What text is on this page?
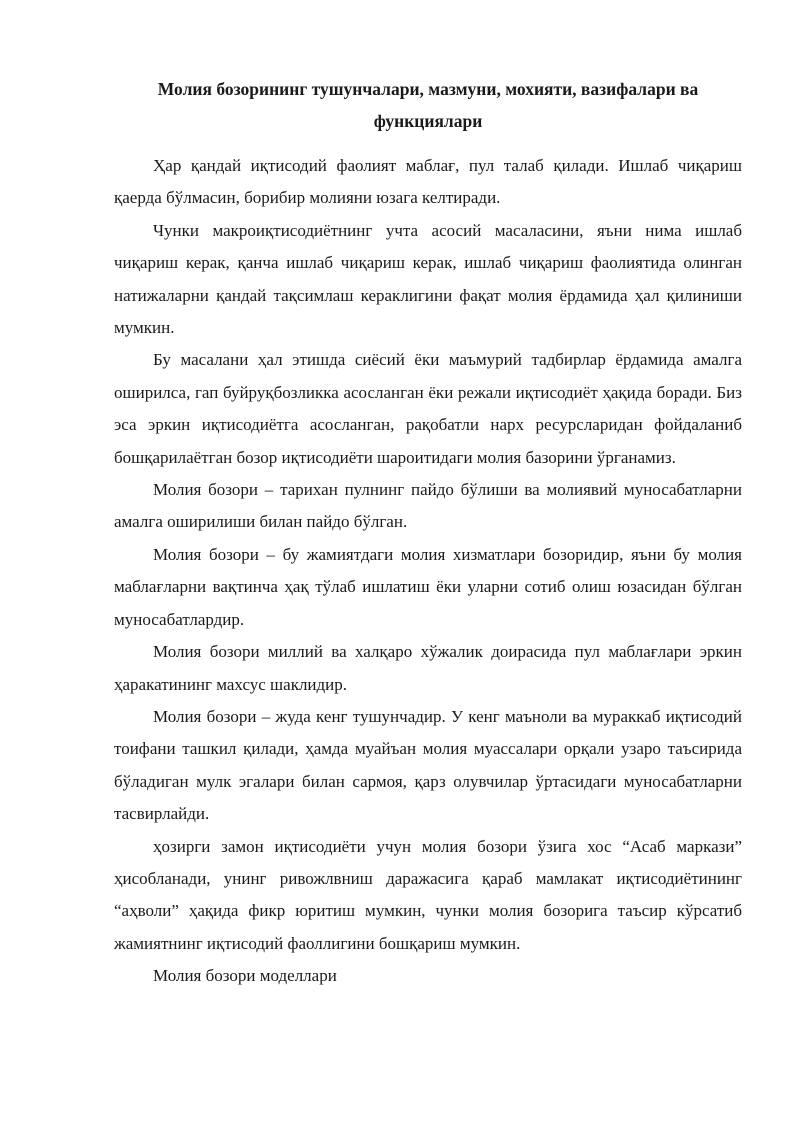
Молия бозорининг тушунчалари, мазмуни, мохияти, вазифалари ва функциялари

Ҳар қандай иқтисодий фаолият маблағ, пул талаб қилади. Ишлаб чиқариш қаерда бўлмасин, борибир молияни юзага келтиради.

Чунки макроиқтисодиётнинг учта асосий масаласини, яъни нима ишлаб чиқариш керак, қанча ишлаб чиқариш керак, ишлаб чиқариш фаолиятида олинган натижаларни қандай тақсимлаш кераклигини фақат молия ёрдамида ҳал қилиниши мумкин.

Бу масалани ҳал этишда сиёсий ёки маъмурий тадбирлар ёрдамида амалга оширилса, гап буйруқбозликка асосланган ёки режали иқтисодиёт ҳақида боради. Биз эса эркин иқтисодиётга асосланган, рақобатли нарх ресурсларидан фойдаланиб бошқарилаётган бозор иқтисодиёти шароитидаги молия базорини ўрганамиз.

Молия бозори – тарихан пулнинг пайдо бўлиши ва молиявий муносабатларни амалга оширилиши билан пайдо бўлган.

Молия бозори – бу жамиятдаги молия хизматлари бозоридир, яъни бу молия маблағларни вақтинча ҳақ тўлаб ишлатиш ёки уларни сотиб олиш юзасидан бўлган муносабатлардир.

Молия бозори миллий ва халқаро хўжалик доирасида пул маблағлари эркин ҳаракатининг махсус шаклидир.

Молия бозори – жуда кенг тушунчадир. У кенг маъноли ва мураккаб иқтисодий тоифани ташкил қилади, ҳамда муайъан молия муассалари орқали узаро таъсирида бўладиган мулк эгалари билан сармоя, қарз олувчилар ўртасидаги муносабатларни тасвирлайди.

ҳозирги замон иқтисодиёти учун молия бозори ўзига хос “Асаб маркази” ҳисобланади, унинг ривожлвниш даражасига қараб мамлакат иқтисодиётининг “аҳволи” ҳақида фикр юритиш мумкин, чунки молия бозорига таъсир кўрсатиб жамиятнинг иқтисодий фаоллигини бошқариш мумкин.

Молия бозори моделлари
